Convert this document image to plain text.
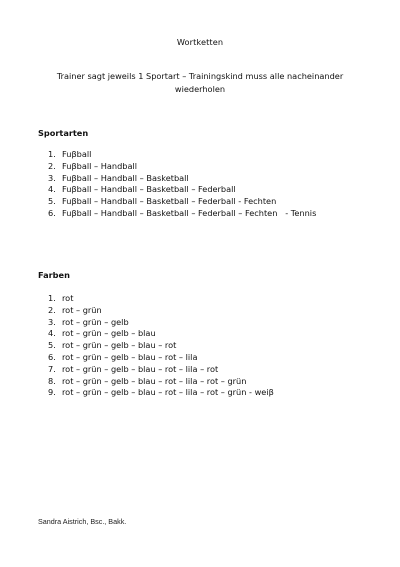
Wortketten
Trainer sagt jeweils 1 Sportart – Trainingskind muss alle nacheinander wiederholen
Sportarten
1. Fuβball
2. Fuβball – Handball
3. Fuβball – Handball – Basketball
4. Fuβball – Handball – Basketball – Federball
5. Fuβball – Handball – Basketball – Federball - Fechten
6. Fuβball – Handball – Basketball – Federball – Fechten   - Tennis
Farben
1. rot
2. rot – grün
3. rot – grün – gelb
4. rot – grün – gelb – blau
5. rot – grün – gelb – blau – rot
6. rot – grün – gelb – blau – rot – lila
7. rot – grün – gelb – blau – rot – lila – rot
8. rot – grün – gelb – blau – rot – lila – rot – grün
9. rot – grün – gelb – blau – rot – lila – rot – grün - weiβ
Sandra Aistrich, Bsc., Bakk.
